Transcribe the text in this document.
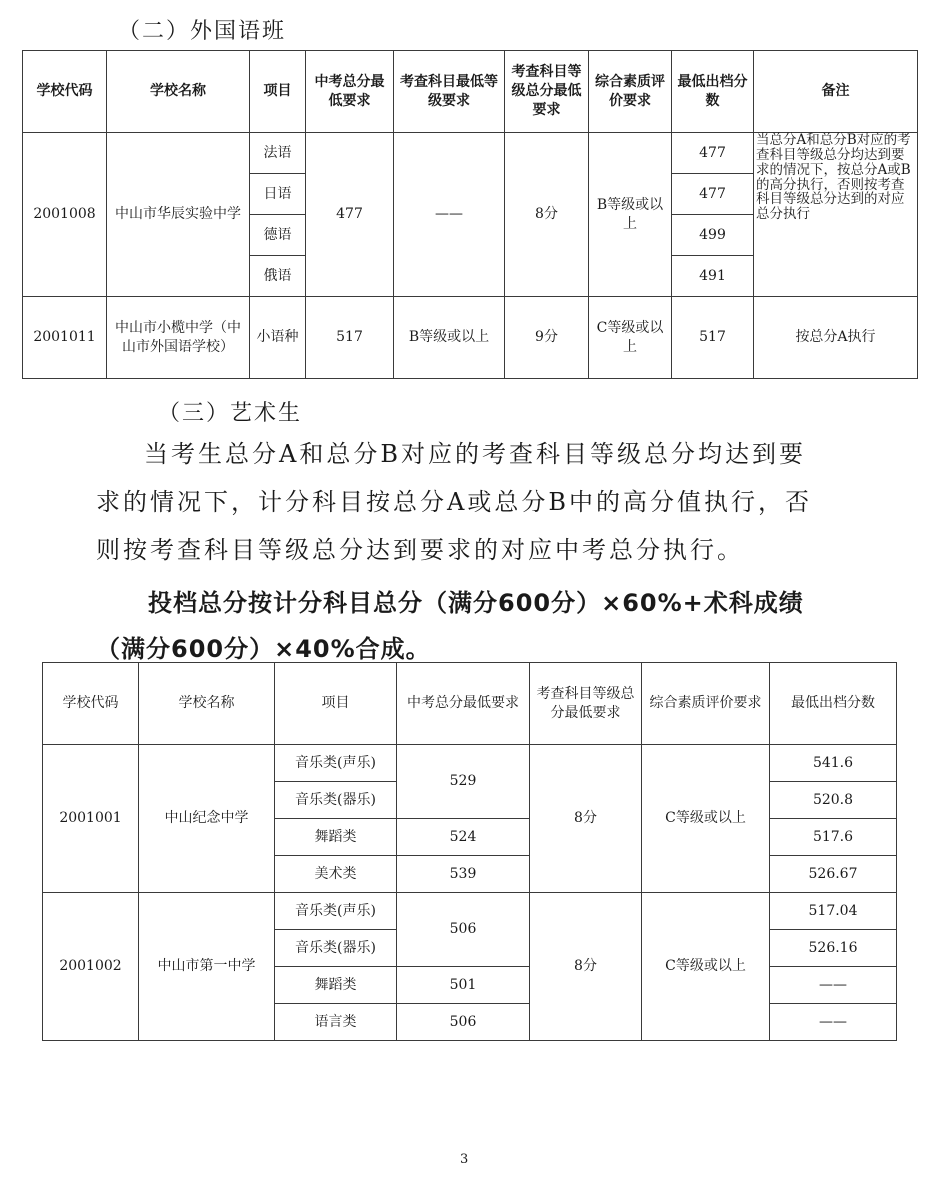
（二）外国语班
学校代码	学校名称	项目	中考总分最低要求	考查科目最低等级要求	考查科目等级总分最低要求	综合素质评价要求	最低出档分数	备注
2001008	中山市华辰实验中学	法语	477	——	8分	B等级或以上	477	当总分A和总分B对应的考查科目等级总分均达到要求的情况下，按总分A或B的高分执行，否则按考查科目等级总分达到的对应总分执行
		日语					477	
		德语					499	
		俄语					491	
2001011	中山市小榄中学（中山市外国语学校）	小语种	517	B等级或以上	9分	C等级或以上	517	按总分A执行
（三）艺术生
当考生总分A和总分B对应的考查科目等级总分均达到要
求的情况下，计分科目按总分A或总分B中的高分值执行，否
则按考查科目等级总分达到要求的对应中考总分执行。
投档总分按计分科目总分（满分600分）×60%+术科成绩
（满分600分）×40%合成。
学校代码	学校名称	项目	中考总分最低要求	考查科目等级总分最低要求	综合素质评价要求	最低出档分数
2001001	中山纪念中学	音乐类(声乐)	529	8分	C等级或以上	541.6
		音乐类(器乐)				520.8
		舞蹈类	524			517.6
		美术类	539			526.67
2001002	中山市第一中学	音乐类(声乐)	506	8分	C等级或以上	517.04
		音乐类(器乐)				526.16
		舞蹈类	501			——
		语言类	506			——
3
